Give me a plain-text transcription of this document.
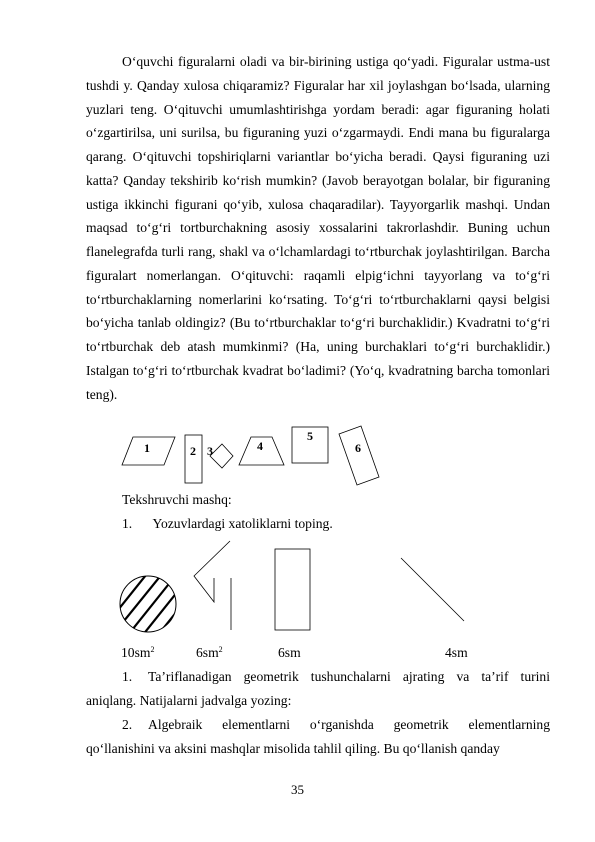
O‘quvchi figuralarni oladi va bir-birining ustiga qo‘yadi. Figuralar ustma-ust tushdi y. Qanday xulosa chiqaramiz? Figuralar har xil joylashgan bo‘lsada, ularning yuzlari teng. O‘qituvchi umumlashtirishga yordam beradi: agar figuraning holati o‘zgartirilsa, uni surilsa, bu figuraning yuzi o‘zgarmaydi. Endi mana bu figuralarga qarang. O‘qituvchi topshiriqlarni variantlar bo‘yicha beradi. Qaysi figuraning uzi katta? Qanday tekshirib ko‘rish mumkin? (Javob berayotgan bolalar, bir figuraning ustiga ikkinchi figurani qo‘yib, xulosa chaqaradilar). Tayyorgarlik mashqi. Undan maqsad to‘g‘ri tortburchakning asosiy xossalarini takrorlashdir. Buning uchun flanelegrafda turli rang, shakl va o‘lchamlardagi to‘rtburchak joylashtirilgan. Barcha figuralart nomerlangan. O‘qituvchi: raqamli elpig‘ichni tayyorlang va to‘g‘ri to‘rtburchaklarning nomerlarini ko‘rsating. To‘g‘ri to‘rtburchaklarni qaysi belgisi bo‘yicha tanlab oldingiz? (Bu to‘rtburchaklar to‘g‘ri burchaklidir.) Kvadratni to‘g‘ri to‘rtburchak deb atash mumkinmi? (Ha, uning burchaklari to‘g‘ri burchaklidir.) Istalgan to‘g‘ri to‘rtburchak kvadrat bo‘ladimi? (Yo‘q, kvadratning barcha tomonlari teng).
1	2 3	4
5
6
Tekshruvchi mashq:
1. Yozuvlardagi xatoliklarni toping.
$10sm^2$	$6sm^2$	6sm	4sm
1. Ta’riflanadigan geometrik tushunchalarni ajrating va ta’rif turini aniqlang. Natijalarni jadvalga yozing:
2. Algebraik elementlarni o‘rganishda geometrik elementlarning qo‘llanishini va aksini mashqlar misolida tahlil qiling. Bu qo‘llanish qanday
35
